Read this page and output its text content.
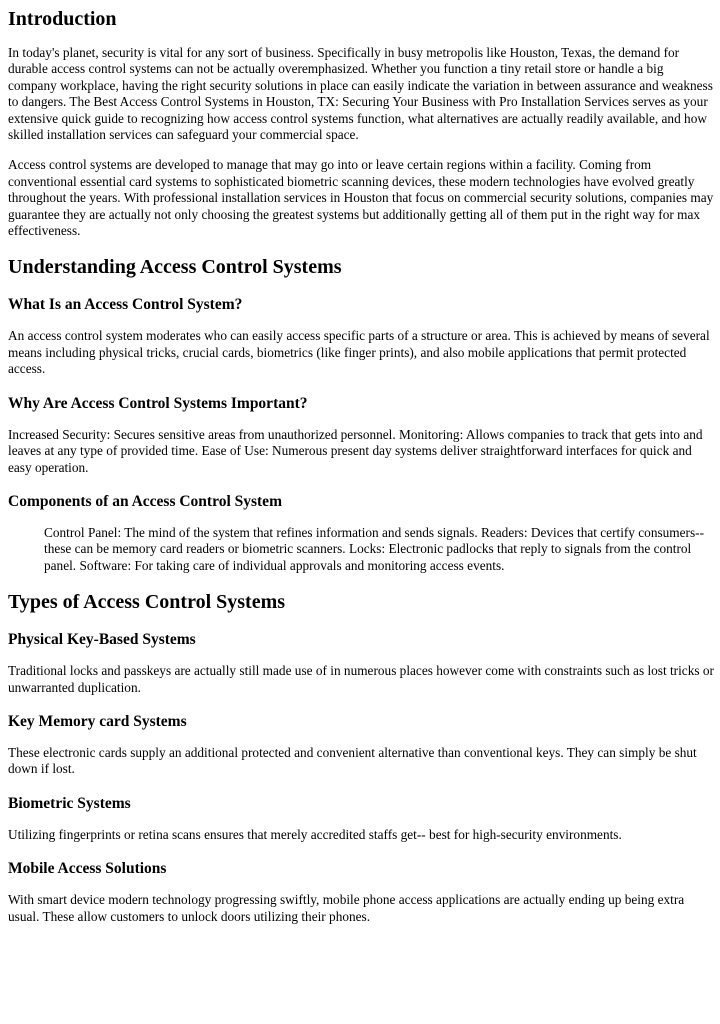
Introduction

In today's planet, security is vital for any sort of business. Specifically in busy metropolis like Houston, Texas, the demand for durable access control systems can not be actually overemphasized. Whether you function a tiny retail store or handle a big company workplace, having the right security solutions in place can easily indicate the variation in between assurance and weakness to dangers. The Best Access Control Systems in Houston, TX: Securing Your Business with Pro Installation Services serves as your extensive quick guide to recognizing how access control systems function, what alternatives are actually readily available, and how skilled installation services can safeguard your commercial space.

Access control systems are developed to manage that may go into or leave certain regions within a facility. Coming from conventional essential card systems to sophisticated biometric scanning devices, these modern technologies have evolved greatly throughout the years. With professional installation services in Houston that focus on commercial security solutions, companies may guarantee they are actually not only choosing the greatest systems but additionally getting all of them put in the right way for max effectiveness.

Understanding Access Control Systems
What Is an Access Control System?

An access control system moderates who can easily access specific parts of a structure or area. This is achieved by means of several means including physical tricks, crucial cards, biometrics (like finger prints), and also mobile applications that permit protected access.

Why Are Access Control Systems Important?

Increased Security: Secures sensitive areas from unauthorized personnel. Monitoring: Allows companies to track that gets into and leaves at any type of provided time. Ease of Use: Numerous present day systems deliver straightforward interfaces for quick and easy operation.

Components of an Access Control System
Control Panel: The mind of the system that refines information and sends signals. Readers: Devices that certify consumers-- these can be memory card readers or biometric scanners. Locks: Electronic padlocks that reply to signals from the control panel. Software: For taking care of individual approvals and monitoring access events.
Types of Access Control Systems
Physical Key-Based Systems

Traditional locks and passkeys are actually still made use of in numerous places however come with constraints such as lost tricks or unwarranted duplication.

Key Memory card Systems

These electronic cards supply an additional protected and convenient alternative than conventional keys. They can simply be shut down if lost.

Biometric Systems

Utilizing fingerprints or retina scans ensures that merely accredited staffs get-- best for high-security environments.

Mobile Access Solutions

With smart device modern technology progressing swiftly, mobile phone access applications are actually ending up being extra usual. These allow customers to unlock doors utilizing their phones.
